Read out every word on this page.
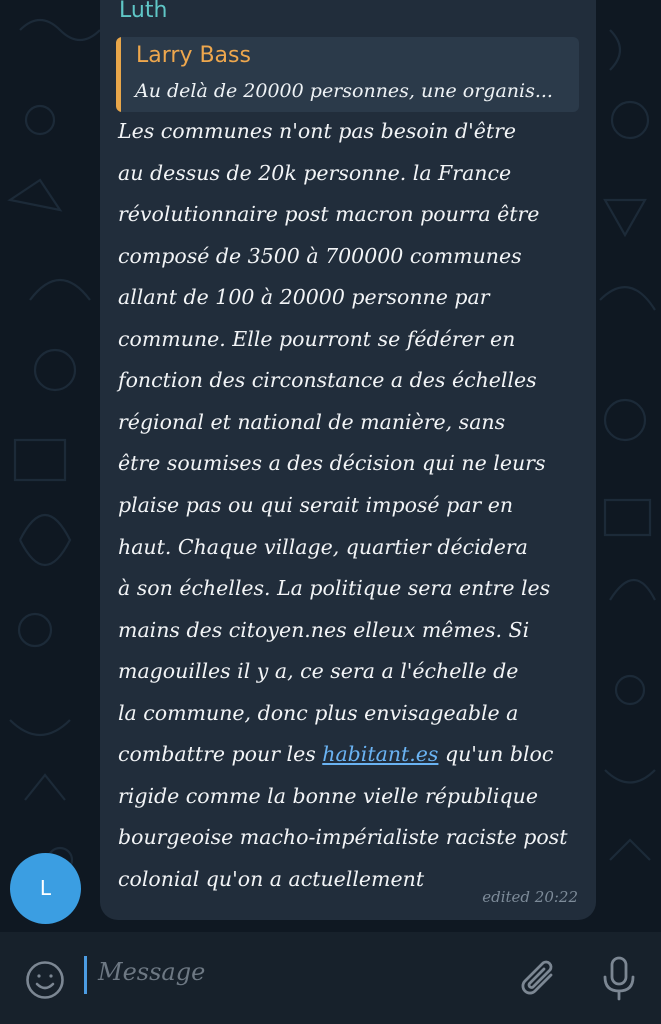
Luth
Larry Bass
Au delà de 20000 personnes, une organis...
Les communes n'ont pas besoin d'être
au dessus de 20k personne. la France
révolutionnaire post macron pourra être
composé de 3500 à 700000 communes
allant de 100 à 20000 personne par
commune. Elle pourront se fédérer en
fonction des circonstance a des échelles
régional et national de manière, sans
être soumises a des décision qui ne leurs
plaise pas ou qui serait imposé par en
haut. Chaque village, quartier décidera
à son échelles. La politique sera entre les
mains des citoyen.nes elleux mêmes. Si
magouilles il y a, ce sera a l'échelle de
la commune, donc plus envisageable a
combattre pour les habitant.es qu'un bloc
rigide comme la bonne vielle république
bourgeoise macho-impérialiste raciste post
colonial qu'on a actuellement
edited 20:22
L
Message
